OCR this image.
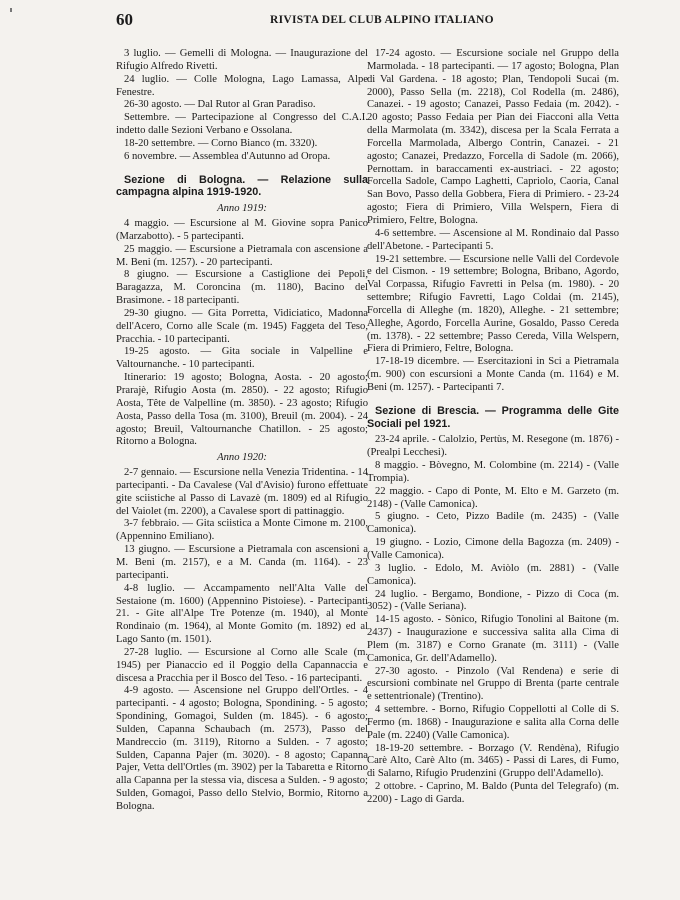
60	RIVISTA DEL CLUB ALPINO ITALIANO

3 luglio. — Gemelli di Mologna. — Inaugurazione del Rifugio Alfredo Rivetti.

24 luglio. — Colle Mologna, Lago Lamassa, Alpe Fenestre.

26-30 agosto. — Dal Rutor al Gran Paradiso.

Settembre. — Partecipazione al Congresso del C.A.I. indetto dalle Sezioni Verbano e Ossolana.

18-20 settembre. — Corno Bianco (m. 3320).

6 novembre. — Assemblea d'Autunno ad Oropa.

Sezione di Bologna. — Relazione sulla campagna alpina 1919-1920.
Anno 1919:

4 maggio. — Escursione al M. Giovine sopra Panico (Marzabotto). - 5 partecipanti.

25 maggio. — Escursione a Pietramala con ascensione a M. Beni (m. 1257). - 20 partecipanti.

8 giugno. — Escursione a Castiglione dei Pepoli, Baragazza, M. Coroncina (m. 1180), Bacino del Brasimone. - 18 partecipanti.

29-30 giugno. — Gita Porretta, Vidiciatico, Madonna dell'Acero, Corno alle Scale (m. 1945) Faggeta del Teso, Pracchia. - 10 partecipanti.

19-25 agosto. — Gita sociale in Valpelline e Valtournanche. - 10 partecipanti.

Itinerario: 19 agosto; Bologna, Aosta. - 20 agosto; Prarajè, Rifugio Aosta (m. 2850). - 22 agosto; Rifugio Aosta, Tête de Valpelline (m. 3850). - 23 agosto; Rifugio Aosta, Passo della Tosa (m. 3100), Breuil (m. 2004). - 24 agosto; Breuil, Valtournanche Chatillon. - 25 agosto; Ritorno a Bologna.

Anno 1920:

2-7 gennaio. — Escursione nella Venezia Tridentina. - 14 partecipanti. - Da Cavalese (Val d'Avisio) furono effettuate gite sciistiche al Passo di Lavazè (m. 1809) ed al Rifugio del Vaiolet (m. 2200), a Cavalese sport di pattinaggio.

3-7 febbraio. — Gita sciistica a Monte Cimone m. 2100, (Appennino Emiliano).

13 giugno. — Escursione a Pietramala con ascensioni a M. Beni (m. 2157), e a M. Canda (m. 1164). - 23 partecipanti.

4-8 luglio. — Accampamento nell'Alta Valle del Sestaione (m. 1600) (Appennino Pistoiese). - Partecipanti 21. - Gite all'Alpe Tre Potenze (m. 1940), al Monte Rondinaio (m. 1964), al Monte Gomito (m. 1892) ed al Lago Santo (m. 1501).

27-28 luglio. — Escursione al Corno alle Scale (m. 1945) per Pianaccio ed il Poggio della Capannaccia e discesa a Pracchia per il Bosco del Teso. - 16 partecipanti.

4-9 agosto. — Ascensione nel Gruppo dell'Ortles. - 4 partecipanti. - 4 agosto; Bologna, Spondining. - 5 agosto; Spondining, Gomagoi, Sulden (m. 1845). - 6 agosto; Sulden, Capanna Schaubach (m. 2573), Passo del Mandreccio (m. 3119), Ritorno a Sulden. - 7 agosto; Sulden, Capanna Pajer (m. 3020). - 8 agosto; Capanna Pajer, Vetta dell'Ortles (m. 3902) per la Tabaretta e Ritorno alla Capanna per la stessa via, discesa a Sulden. - 9 agosto; Sulden, Gomagoi, Passo dello Stelvio, Bormio, Ritorno a Bologna.

17-24 agosto. — Escursione sociale nel Gruppo della Marmolada. - 18 partecipanti. — 17 agosto; Bologna, Plan di Val Gardena. - 18 agosto; Plan, Tendopoli Sucai (m. 2000), Passo Sella (m. 2218), Col Rodella (m. 2486), Canazei. - 19 agosto; Canazei, Passo Fedaia (m. 2042). - 20 agosto; Passo Fedaia per Pian dei Fiacconi alla Vetta della Marmolata (m. 3342), discesa per la Scala Ferrata a Forcella Marmolada, Albergo Contrin, Canazei. - 21 agosto; Canazei, Predazzo, Forcella di Sadole (m. 2066), Pernottam. in baraccamenti ex-austriaci. - 22 agosto; Forcella Sadole, Campo Laghetti, Capriolo, Caoria, Canal San Bovo, Passo della Gobbera, Fiera di Primiero. - 23-24 agosto; Fiera di Primiero, Villa Welspern, Fiera di Primiero, Feltre, Bologna.

4-6 settembre. — Ascensione al M. Rondinaio dal Passo dell'Abetone. - Partecipanti 5.

19-21 settembre. — Escursione nelle Valli del Cordevole e del Cismon. - 19 settembre; Bologna, Bribano, Agordo, Val Corpassa, Rifugio Favretti in Pelsa (m. 1980). - 20 settembre; Rifugio Favretti, Lago Coldai (m. 2145), Forcella di Alleghe (m. 1820), Alleghe. - 21 settembre; Alleghe, Agordo, Forcella Aurine, Gosaldo, Passo Cereda (m. 1378). - 22 settembre; Passo Cereda, Villa Welspern, Fiera di Primiero, Feltre, Bologna.

17-18-19 dicembre. — Esercitazioni in Sci a Pietramala (m. 900) con escursioni a Monte Canda (m. 1164) e M. Beni (m. 1257). - Partecipanti 7.

Sezione di Brescia. — Programma delle Gite Sociali pel 1921.

23-24 aprile. - Calolzio, Pertùs, M. Resegone (m. 1876) - (Prealpi Lecchesi).

8 maggio. - Bòvegno, M. Colombine (m. 2214) - (Valle Trompia).

22 maggio. - Capo di Ponte, M. Elto e M. Garzeto (m. 2148) - (Valle Camonica).

5 giugno. - Ceto, Pizzo Badile (m. 2435) - (Valle Camonica).

19 giugno. - Lozio, Cimone della Bagozza (m. 2409) - (Valle Camonica).

3 luglio. - Edolo, M. Aviòlo (m. 2881) - (Valle Camonica).

24 luglio. - Bergamo, Bondione, - Pizzo di Coca (m. 3052) - (Valle Seriana).

14-15 agosto. - Sònico, Rifugio Tonolini al Baitone (m. 2437) - Inaugurazione e successiva salita alla Cima di Plem (m. 3187) e Corno Granate (m. 3111) - (Valle Camonica, Gr. dell'Adamello).

27-30 agosto. - Pinzolo (Val Rendena) e serie di escursioni combinate nel Gruppo di Brenta (parte centrale e settentrionale) (Trentino).

4 settembre. - Borno, Rifugio Coppellotti al Colle di S. Fermo (m. 1868) - Inaugurazione e salita alla Corna delle Pale (m. 2240) (Valle Camonica).

18-19-20 settembre. - Borzago (V. Rendèna), Rifugio Carè Alto, Carè Alto (m. 3465) - Passi di Lares, di Fumo, di Salarno, Rifugio Prudenzini (Gruppo dell'Adamello).

2 ottobre. - Caprino, M. Baldo (Punta del Telegrafo) (m. 2200) - Lago di Garda.
